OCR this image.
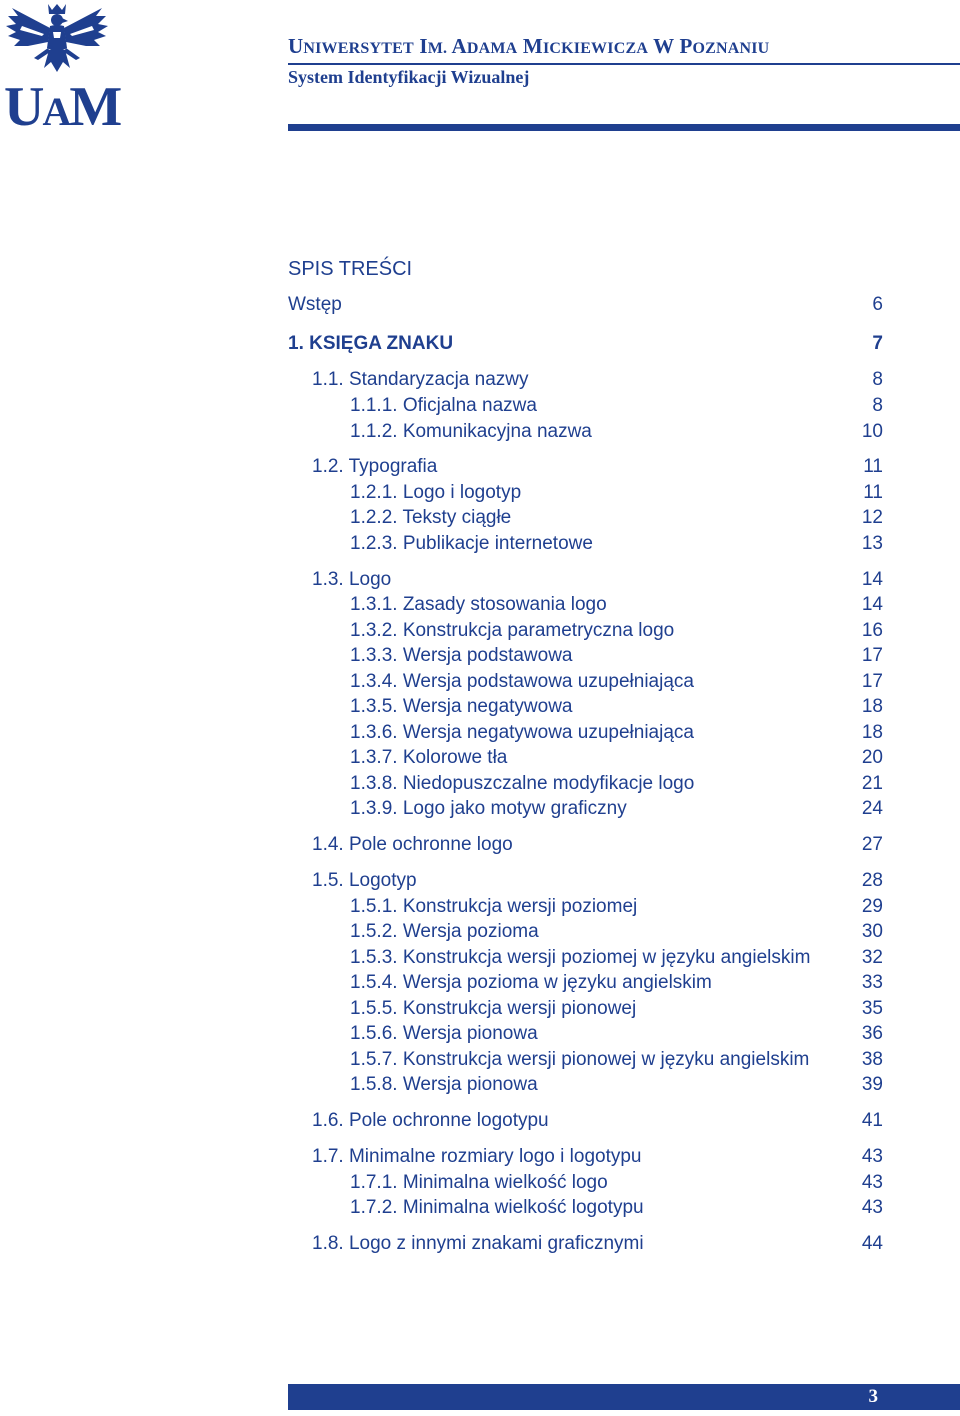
UAM
UNIWERSYTET IM. ADAMA MICKIEWICZA W POZNANIU
System Identyfikacji Wizualnej
SPIS TREŚCI
Wstęp	6
1. KSIĘGA ZNAKU	7
1.1. Standaryzacja nazwy	8
1.1.1. Oficjalna nazwa	8
1.1.2. Komunikacyjna nazwa	10
1.2. Typografia	11
1.2.1. Logo i logotyp	11
1.2.2. Teksty ciągłe	12
1.2.3. Publikacje internetowe	13
1.3. Logo	14
1.3.1. Zasady stosowania logo	14
1.3.2. Konstrukcja parametryczna logo	16
1.3.3. Wersja podstawowa	17
1.3.4. Wersja podstawowa uzupełniająca	17
1.3.5. Wersja negatywowa	18
1.3.6. Wersja negatywowa uzupełniająca	18
1.3.7. Kolorowe tła	20
1.3.8. Niedopuszczalne modyfikacje logo	21
1.3.9. Logo jako motyw graficzny	24
1.4. Pole ochronne logo	27
1.5. Logotyp	28
1.5.1. Konstrukcja wersji poziomej	29
1.5.2. Wersja pozioma	30
1.5.3. Konstrukcja wersji poziomej w języku angielskim	32
1.5.4. Wersja pozioma w języku angielskim	33
1.5.5. Konstrukcja wersji pionowej	35
1.5.6. Wersja pionowa	36
1.5.7. Konstrukcja wersji pionowej w języku angielskim	38
1.5.8. Wersja pionowa	39
1.6. Pole ochronne logotypu	41
1.7. Minimalne rozmiary logo i logotypu	43
1.7.1. Minimalna wielkość logo	43
1.7.2. Minimalna wielkość logotypu	43
1.8. Logo z innymi znakami graficznymi	44
3
